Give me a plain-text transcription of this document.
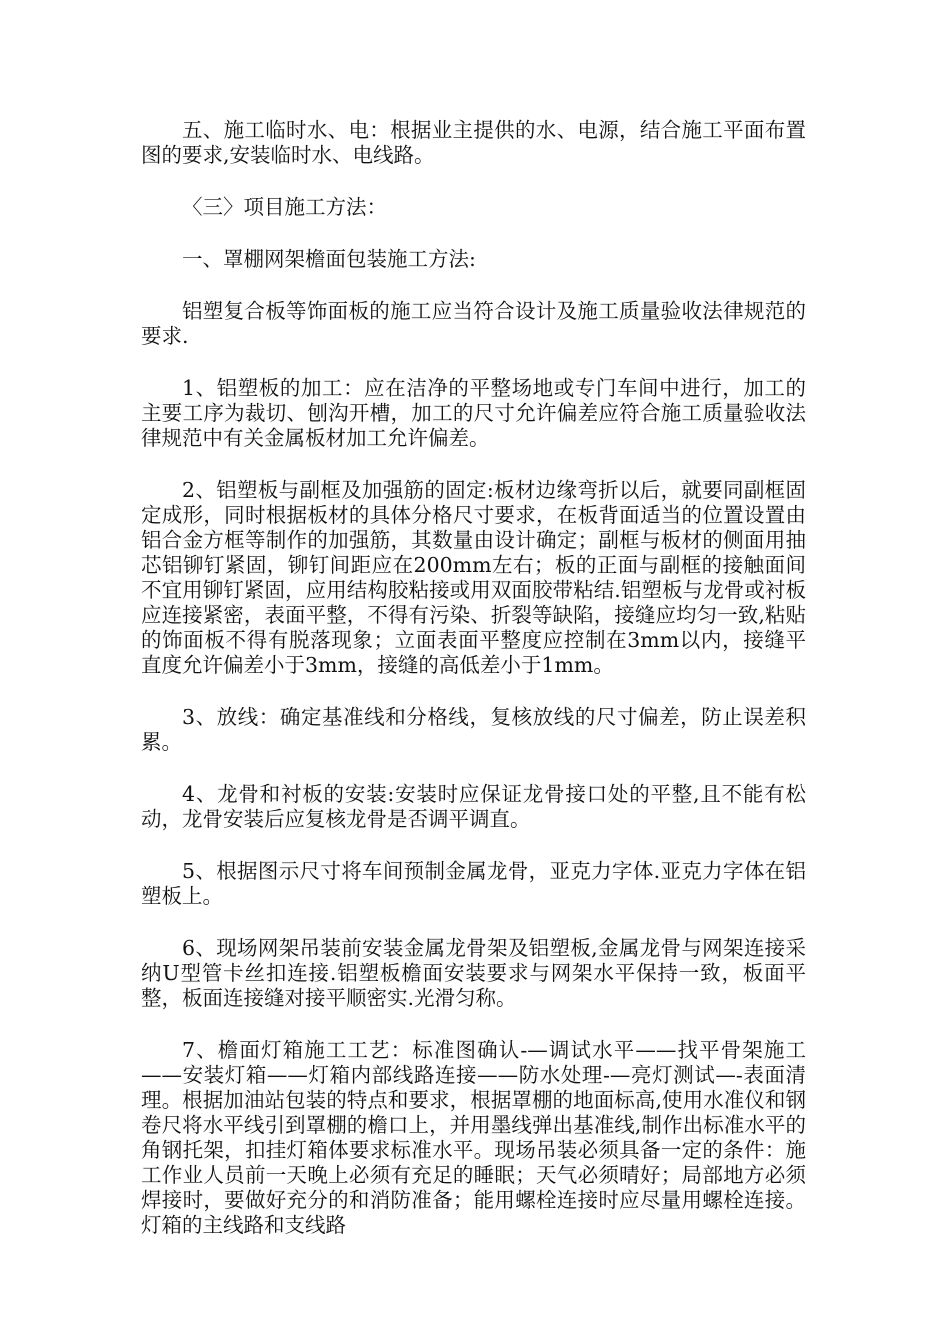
五、施工临时水、电：根据业主提供的水、电源，结合施工平面布置图的要求,安装临时水、电线路。

〈三〉项目施工方法：

一、罩棚网架檐面包装施工方法:

铝塑复合板等饰面板的施工应当符合设计及施工质量验收法律规范的要求.

1、铝塑板的加工：应在洁净的平整场地或专门车间中进行，加工的主要工序为裁切、刨沟开槽，加工的尺寸允许偏差应符合施工质量验收法律规范中有关金属板材加工允许偏差。

2、铝塑板与副框及加强筋的固定:板材边缘弯折以后，就要同副框固定成形，同时根据板材的具体分格尺寸要求，在板背面适当的位置设置由铝合金方框等制作的加强筋，其数量由设计确定；副框与板材的侧面用抽芯铝铆钉紧固，铆钉间距应在200mm左右；板的正面与副框的接触面间不宜用铆钉紧固，应用结构胶粘接或用双面胶带粘结.铝塑板与龙骨或衬板应连接紧密，表面平整，不得有污染、折裂等缺陷，接缝应均匀一致,粘贴的饰面板不得有脱落现象；立面表面平整度应控制在3mm以内，接缝平直度允许偏差小于3mm，接缝的高低差小于1mm。

3、放线：确定基准线和分格线，复核放线的尺寸偏差，防止误差积累。

4、龙骨和衬板的安装:安装时应保证龙骨接口处的平整,且不能有松动，龙骨安装后应复核龙骨是否调平调直。

5、根据图示尺寸将车间预制金属龙骨，亚克力字体.亚克力字体在铝塑板上。

6、现场网架吊装前安装金属龙骨架及铝塑板,金属龙骨与网架连接采纳U型管卡丝扣连接.铝塑板檐面安装要求与网架水平保持一致，板面平整，板面连接缝对接平顺密实.光滑匀称。

7、檐面灯箱施工工艺：标准图确认-—调试水平——找平骨架施工——安装灯箱——灯箱内部线路连接——防水处理-—亮灯测试—-表面清理。根据加油站包装的特点和要求，根据罩棚的地面标高,使用水准仪和钢卷尺将水平线引到罩棚的檐口上，并用墨线弹出基准线,制作出标准水平的角钢托架，扣挂灯箱体要求标准水平。现场吊装必须具备一定的条件：施工作业人员前一天晚上必须有充足的睡眠；天气必须晴好；局部地方必须焊接时，要做好充分的和消防准备；能用螺栓连接时应尽量用螺栓连接。灯箱的主线路和支线路
